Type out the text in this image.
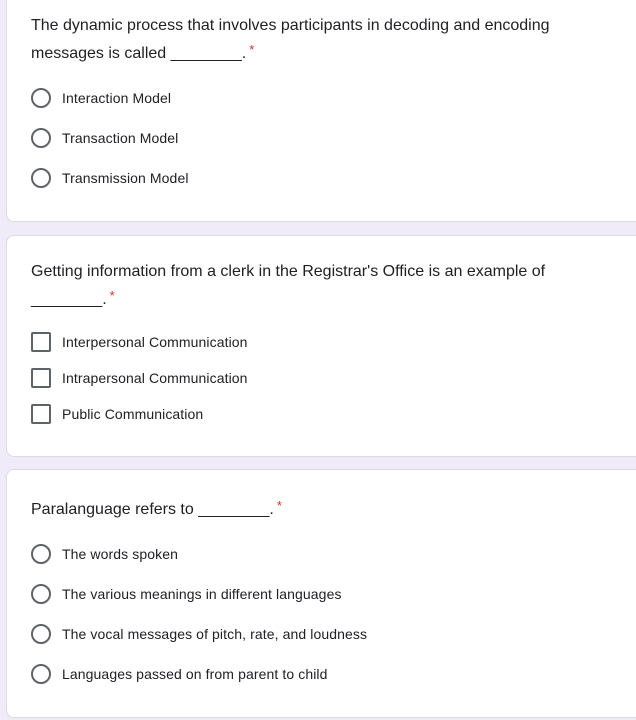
The dynamic process that involves participants in decoding and encoding messages is called ________. *

Interaction Model
Transaction Model
Transmission Model

Getting information from a clerk in the Registrar's Office is an example of ________. *

Interpersonal Communication
Intrapersonal Communication
Public Communication

Paralanguage refers to ________. *

The words spoken
The various meanings in different languages
The vocal messages of pitch, rate, and loudness
Languages passed on from parent to child
